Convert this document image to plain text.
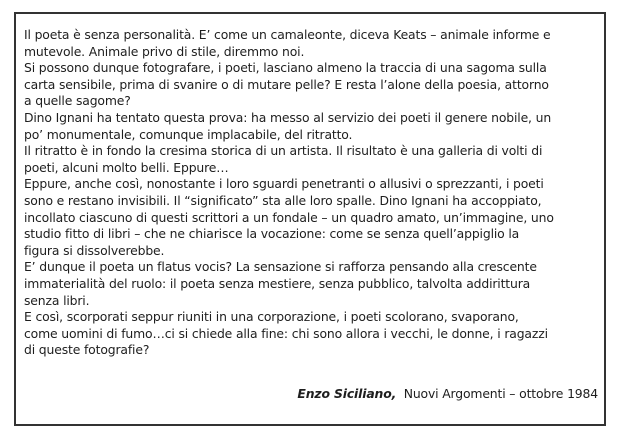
Il poeta è senza personalità. E’ come un camaleonte, diceva Keats – animale informe e
mutevole. Animale privo di stile, diremmo noi.
Si possono dunque fotografare, i poeti, lasciano almeno la traccia di una sagoma sulla
carta sensibile, prima di svanire o di mutare pelle? E resta l’alone della poesia, attorno
a quelle sagome?
Dino Ignani ha tentato questa prova: ha messo al servizio dei poeti il genere nobile, un
po’ monumentale, comunque implacabile, del ritratto.
Il ritratto è in fondo la cresima storica di un artista. Il risultato è una galleria di volti di
poeti, alcuni molto belli. Eppure…
Eppure, anche così, nonostante i loro sguardi penetranti o allusivi o sprezzanti, i poeti
sono e restano invisibili. Il “significato” sta alle loro spalle. Dino Ignani ha accoppiato,
incollato ciascuno di questi scrittori a un fondale – un quadro amato, un’immagine, uno
studio fitto di libri – che ne chiarisce la vocazione: come se senza quell’appiglio la
figura si dissolverebbe.
E’ dunque il poeta un flatus vocis? La sensazione si rafforza pensando alla crescente
immaterialità del ruolo: il poeta senza mestiere, senza pubblico, talvolta addirittura
senza libri.
E così, scorporati seppur riuniti in una corporazione, i poeti scolorano, svaporano,
come uomini di fumo…ci si chiede alla fine: chi sono allora i vecchi, le donne, i ragazzi
di queste fotografie?
Enzo Siciliano, Nuovi Argomenti – ottobre 1984
